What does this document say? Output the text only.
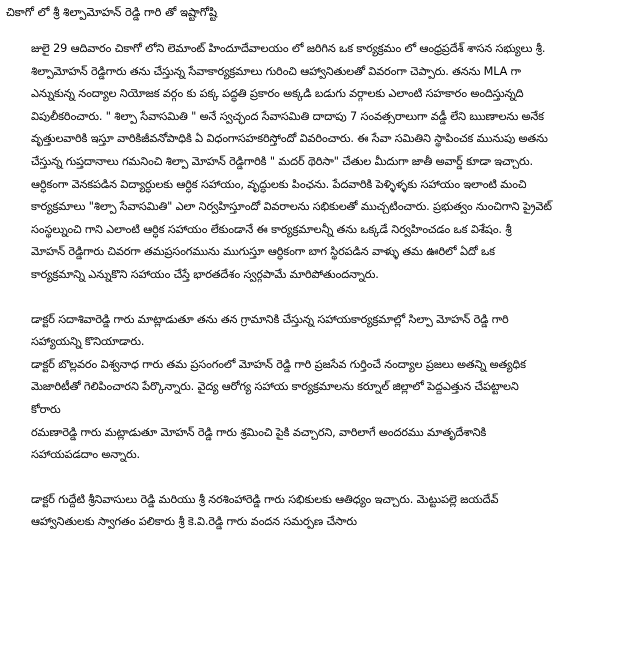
చికాగో లో శ్రీ శిల్పామోహన్ రెడ్డి గారి తో ఇష్టాగోష్టి
జులై 29 ఆదివారం చికాగో లోని లెమాంట్ హిందూదేవాలయం లో జరిగిన ఒక కార్యక్రమం లో ఆంధ్రప్రదేశ్ శాసన సభ్యులు శ్రీ.
శిల్పామోహన్ రెడ్డిగారు తను చేస్తున్న సేవాకార్యక్రమాలు గురించి ఆహ్వానితులతో వివరంగా చెప్పారు. తనను MLA గా
ఎన్నుకున్న నంద్యాల నియోజక వర్గం కు పక్క పద్ధతి ప్రకారం అక్కడి బడుగు వర్గాలకు ఎలాంటి సహకారం అందిస్తున్నది
విపులీకరించారు. " శిల్పా సేవాసమితి " అనే స్వచ్ఛంద సేవాసమితి దాదాపు 7 సంవత్సరాలుగా వడ్డీ లేని ఋణాలను అనేక
వృత్తులవారికి ఇస్తూ వారికిజీవనోపాధికి ఏ విధంగాసహకరిస్తోందో వివరించారు. ఈ సేవా సమితిని స్థాపించక మునుపు అతను
చేస్తున్న గుప్తదానాలు గమనించి శిల్పా మోహన్ రెడ్డిగారికి " మదర్ థెరిసా" చేతుల మీదుగా జాతీ అవార్డ్ కూడా ఇచ్చారు.
ఆర్ధికంగా వెనకపడిన విద్యార్ధులకు ఆర్ధిక సహాయం, వృద్ధులకు పింఛను. పేదవారికి పెళ్ళిళ్ళకు సహాయం ఇలాంటి మంచి
కార్యక్రమాలు "శిల్పా సేవాసమితి" ఎలా నిర్వహిస్తూందో వివరాలను సభికులతో ముచ్చటించారు. ప్రభుత్వం నుంచిగాని ప్రైవెట్
సంస్థల్నుంచి గాని ఎలాంటి ఆర్ధిక సహాయం లేకుండానే ఈ కార్యక్రమాలన్నీ తను ఒక్కడే నిర్వహించడం ఒక విశేషం. శ్రీ
మోహన్ రెడ్డిగారు చివరగా తమప్రసంగమును ముగుస్తూ ఆర్ధికంగా బాగ స్థిరపడిన వాళ్ళు తమ ఊరిలో ఏదో ఒక
కార్యక్రమాన్ని ఎన్నుకొని సహాయం చేస్తే భారతదేశం స్వర్గపామే మారిపోతుందన్నారు.
డాక్టర్ సదాశివారెడ్డి గారు మాట్లాడుతూ తను తన గ్రామానికి చేస్తున్న సహాయకార్యక్రమాల్లో సిల్పా మోహన్ రెడ్డి గారి
సహ్యాయన్ని కొనియాడారు.
డాక్టర్ బొల్లవరం విశ్వనాధ గారు తమ ప్రసంగంలో మోహన్ రెడ్డి గారి ప్రజసేవ గుర్తించే నంద్యాల ప్రజలు అతన్ని అత్యధిక
మెజారిటీతో గెలిపించారని పేర్కొన్నారు. వైద్య ఆరోగ్య సహాయ కార్యక్రమాలను కర్నూల్ జిల్లాలో పెద్దఎత్తున చేపట్టాలని
కోరారు
రమణారెడ్డి గారు మట్లాడుతూ మోహన్ రెడ్డి గారు శ్రమించి పైకి వచ్చారని, వారిలాగే అందరము మాతృదేశానికి
సహాయపడదాం అన్నారు.
డాక్టర్ గుద్దేటి శ్రీనివాసులు రెడ్డి మరియు శ్రీ నరశింహారెడ్డి గారు సభికులకు ఆతిధ్యం ఇచ్చారు. మెట్టుపల్లె జయదేవ్
ఆహ్వానితులకు స్వాగతం పలికారు శ్రీ కె.వి.రెడ్డి గారు వందన సమర్పణ చేసారు
